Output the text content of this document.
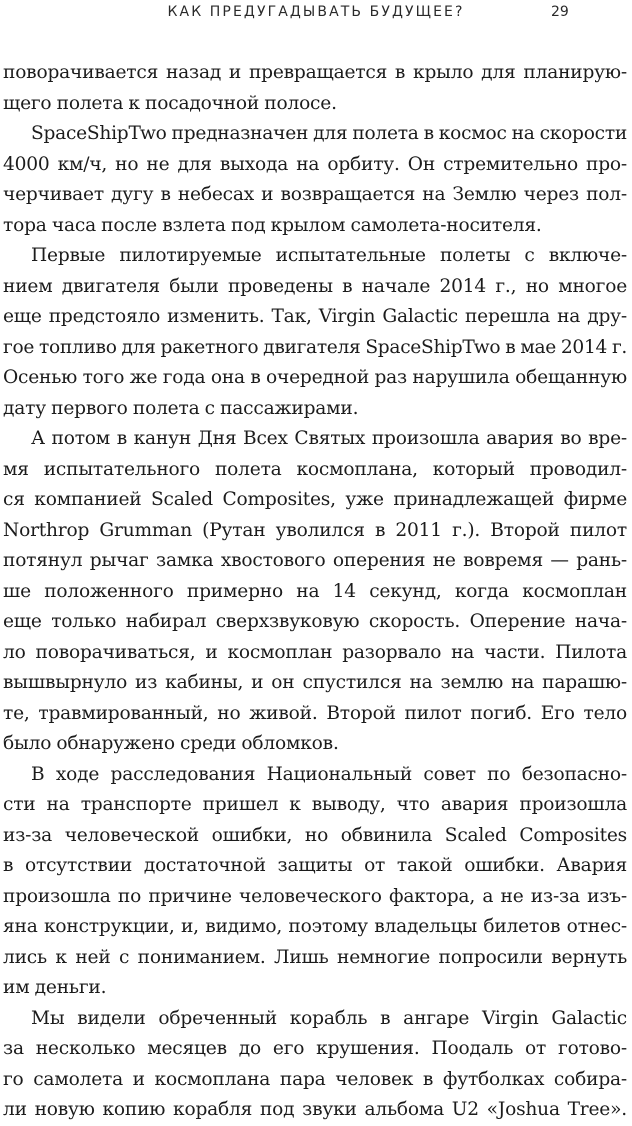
КАК ПРЕДУГАДЫВАТЬ БУДУЩЕЕ?	29
поворачивается назад и превращается в крыло для планирую-
щего полета к посадочной полосе.
SpaceShipTwo предназначен для полета в космос на скорости
4000 км/ч, но не для выхода на орбиту. Он стремительно про-
черчивает дугу в небесах и возвращается на Землю через пол-
тора часа после взлета под крылом самолета-носителя.
Первые пилотируемые испытательные полеты с включе-
нием двигателя были проведены в начале 2014 г., но многое
еще предстояло изменить. Так, Virgin Galactic перешла на дру-
гое топливо для ракетного двигателя SpaceShipTwo в мае 2014 г.
Осенью того же года она в очередной раз нарушила обещанную
дату первого полета с пассажирами.
А потом в канун Дня Всех Святых произошла авария во вре-
мя испытательного полета космоплана, который проводил-
ся компанией Scaled Composites, уже принадлежащей фирме
Northrop Grumman (Рутан уволился в 2011 г.). Второй пилот
потянул рычаг замка хвостового оперения не вовремя — рань-
ше положенного примерно на 14 секунд, когда космоплан
еще только набирал сверхзвуковую скорость. Оперение нача-
ло поворачиваться, и космоплан разорвало на части. Пилота
вышвырнуло из кабины, и он спустился на землю на парашю-
те, травмированный, но живой. Второй пилот погиб. Его тело
было обнаружено среди обломков.
В ходе расследования Национальный совет по безопасно-
сти на транспорте пришел к выводу, что авария произошла
из-за человеческой ошибки, но обвинила Scaled Composites
в отсутствии достаточной защиты от такой ошибки. Авария
произошла по причине человеческого фактора, а не из-за изъ-
яна конструкции, и, видимо, поэтому владельцы билетов отнес-
лись к ней с пониманием. Лишь немногие попросили вернуть
им деньги.
Мы видели обреченный корабль в ангаре Virgin Galactic
за несколько месяцев до его крушения. Поодаль от готово-
го самолета и космоплана пара человек в футболках собира-
ли новую копию корабля под звуки альбома U2 «Joshua Tree».
